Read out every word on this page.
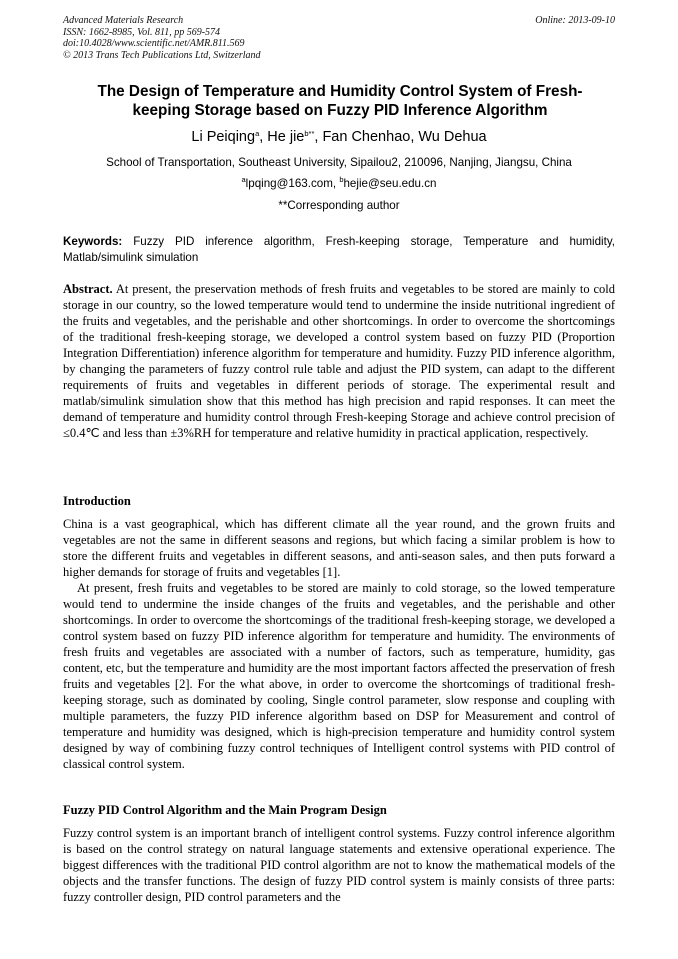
Advanced Materials Research
ISSN: 1662-8985, Vol. 811, pp 569-574
doi:10.4028/www.scientific.net/AMR.811.569
© 2013 Trans Tech Publications Ltd, Switzerland
Online: 2013-09-10
The Design of Temperature and Humidity Control System of Fresh-keeping Storage based on Fuzzy PID Inference Algorithm
Li Peiqing$^a$, He jie$^{b**}$, Fan Chenhao, Wu Dehua
School of Transportation, Southeast University, Sipailou2, 210096, Nanjing, Jiangsu, China
$^a$lpqing@163.com, $^b$hejie@seu.edu.cn
**Corresponding author
Keywords: Fuzzy PID inference algorithm, Fresh-keeping storage, Temperature and humidity, Matlab/simulink simulation
Abstract. At present, the preservation methods of fresh fruits and vegetables to be stored are mainly to cold storage in our country, so the lowed temperature would tend to undermine the inside nutritional ingredient of the fruits and vegetables, and the perishable and other shortcomings. In order to overcome the shortcomings of the traditional fresh-keeping storage, we developed a control system based on fuzzy PID (Proportion Integration Differentiation) inference algorithm for temperature and humidity. Fuzzy PID inference algorithm, by changing the parameters of fuzzy control rule table and adjust the PID system, can adapt to the different requirements of fruits and vegetables in different periods of storage. The experimental result and matlab/simulink simulation show that this method has high precision and rapid responses. It can meet the demand of temperature and humidity control through Fresh-keeping Storage and achieve control precision of ≤0.4℃ and less than ±3%RH for temperature and relative humidity in practical application, respectively.
Introduction
China is a vast geographical, which has different climate all the year round, and the grown fruits and vegetables are not the same in different seasons and regions, but which facing a similar problem is how to store the different fruits and vegetables in different seasons, and anti-season sales, and then puts forward a higher demands for storage of fruits and vegetables [1].
At present, fresh fruits and vegetables to be stored are mainly to cold storage, so the lowed temperature would tend to undermine the inside changes of the fruits and vegetables, and the perishable and other shortcomings. In order to overcome the shortcomings of the traditional fresh-keeping storage, we developed a control system based on fuzzy PID inference algorithm for temperature and humidity. The environments of fresh fruits and vegetables are associated with a number of factors, such as temperature, humidity, gas content, etc, but the temperature and humidity are the most important factors affected the preservation of fresh fruits and vegetables [2]. For the what above, in order to overcome the shortcomings of traditional fresh-keeping storage, such as dominated by cooling, Single control parameter, slow response and coupling with multiple parameters, the fuzzy PID inference algorithm based on DSP for Measurement and control of temperature and humidity was designed, which is high-precision temperature and humidity control system designed by way of combining fuzzy control techniques of Intelligent control systems with PID control of classical control system.
Fuzzy PID Control Algorithm and the Main Program Design
Fuzzy control system is an important branch of intelligent control systems. Fuzzy control inference algorithm is based on the control strategy on natural language statements and extensive operational experience. The biggest differences with the traditional PID control algorithm are not to know the mathematical models of the objects and the transfer functions. The design of fuzzy PID control system is mainly consists of three parts: fuzzy controller design, PID control parameters and the
